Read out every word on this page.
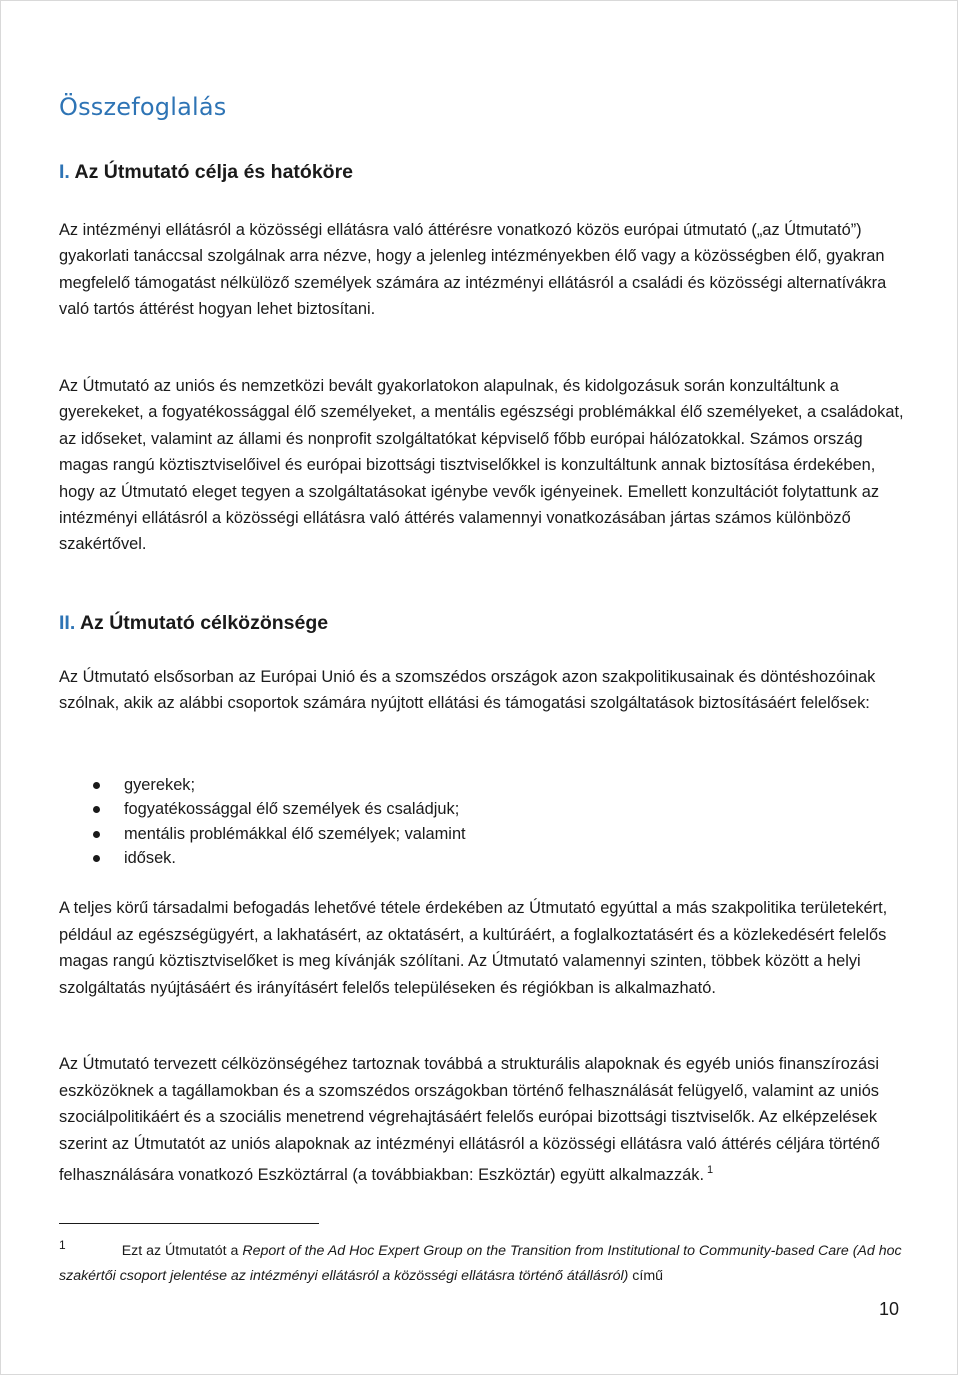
Összefoglalás
I. Az Útmutató célja és hatóköre

Az intézményi ellátásról a közösségi ellátásra való áttérésre vonatkozó közös európai útmutató („az Útmutató”) gyakorlati tanáccsal szolgálnak arra nézve, hogy a jelenleg intézményekben élő vagy a közösségben élő, gyakran megfelelő támogatást nélkülöző személyek számára az intézményi ellátásról a családi és közösségi alternatívákra való tartós áttérést hogyan lehet biztosítani.

Az Útmutató az uniós és nemzetközi bevált gyakorlatokon alapulnak, és kidolgozásuk során konzultáltunk a gyerekeket, a fogyatékossággal élő személyeket, a mentális egészségi problémákkal élő személyeket, a családokat, az időseket, valamint az állami és nonprofit szolgáltatókat képviselő főbb európai hálózatokkal. Számos ország magas rangú köztisztviselőivel és európai bizottsági tisztviselőkkel is konzultáltunk annak biztosítása érdekében, hogy az Útmutató eleget tegyen a szolgáltatásokat igénybe vevők igényeinek. Emellett konzultációt folytattunk az intézményi ellátásról a közösségi ellátásra való áttérés valamennyi vonatkozásában jártas számos különböző szakértővel.

II. Az Útmutató célközönsége

Az Útmutató elsősorban az Európai Unió és a szomszédos országok azon szakpolitikusainak és döntéshozóinak szólnak, akik az alábbi csoportok számára nyújtott ellátási és támogatási szolgáltatások biztosításáért felelősek:

gyerekek;
fogyatékossággal élő személyek és családjuk;
mentális problémákkal élő személyek; valamint
idősek.

A teljes körű társadalmi befogadás lehetővé tétele érdekében az Útmutató egyúttal a más szakpolitika területekért, például az egészségügyért, a lakhatásért, az oktatásért, a kultúráért, a foglalkoztatásért és a közlekedésért felelős magas rangú köztisztviselőket is meg kívánják szólítani. Az Útmutató valamennyi szinten, többek között a helyi szolgáltatás nyújtásáért és irányításért felelős településeken és régiókban is alkalmazható.

Az Útmutató tervezett célközönségéhez tartoznak továbbá a strukturális alapoknak és egyéb uniós finanszírozási eszközöknek a tagállamokban és a szomszédos országokban történő felhasználását felügyelő, valamint az uniós szociálpolitikáért és a szociális menetrend végrehajtásáért felelős európai bizottsági tisztviselők. Az elképzelések szerint az Útmutatót az uniós alapoknak az intézményi ellátásról a közösségi ellátásra való áttérés céljára történő felhasználására vonatkozó Eszköztárral (a továbbiakban: Eszköztár) együtt alkalmazzák. $^1$

$^1$	Ezt az Útmutatót a Report of the Ad Hoc Expert Group on the Transition from Institutional to Community-based Care (Ad hoc szakértői csoport jelentése az intézményi ellátásról a közösségi ellátásra történő átállásról) című

10
